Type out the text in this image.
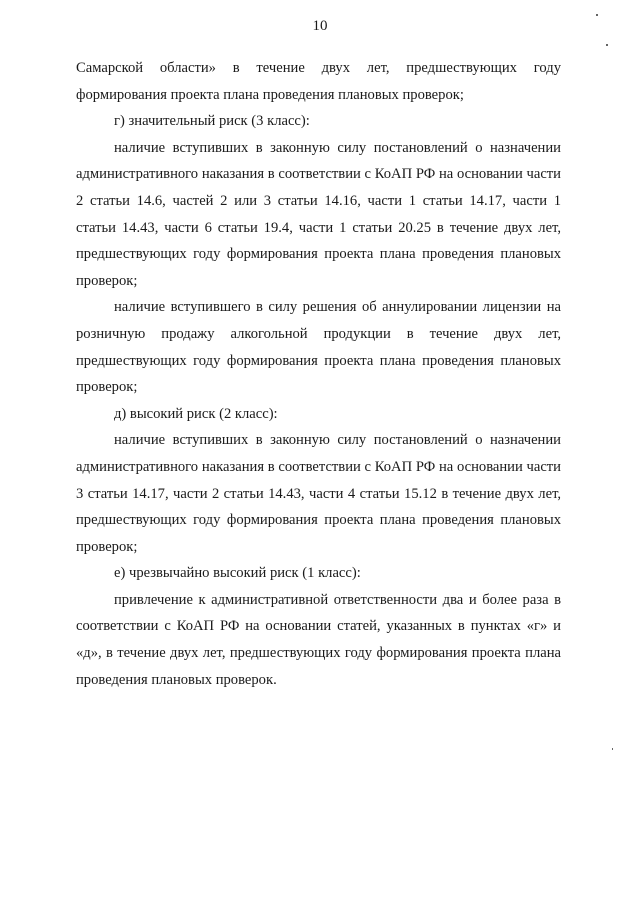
10

Самарской области» в течение двух лет, предшествующих году формирования проекта плана проведения плановых проверок;

г) значительный риск (3 класс):

наличие вступивших в законную силу постановлений о назначении административного наказания в соответствии с КоАП РФ на основании части 2 статьи 14.6, частей 2 или 3 статьи 14.16, части 1 статьи 14.17, части 1 статьи 14.43, части 6 статьи 19.4, части 1 статьи 20.25 в течение двух лет, предшествующих году формирования проекта плана проведения плановых проверок;

наличие вступившего в силу решения об аннулировании лицензии на розничную продажу алкогольной продукции в течение двух лет, предшествующих году формирования проекта плана проведения плановых проверок;

д) высокий риск (2 класс):

наличие вступивших в законную силу постановлений о назначении административного наказания в соответствии с КоАП РФ на основании части 3 статьи 14.17, части 2 статьи 14.43, части 4 статьи 15.12 в течение двух лет, предшествующих году формирования проекта плана проведения плановых проверок;

е) чрезвычайно высокий риск (1 класс):

привлечение к административной ответственности два и более раза в соответствии с КоАП РФ на основании статей, указанных в пунктах «г» и «д», в течение двух лет, предшествующих году формирования проекта плана проведения плановых проверок.
